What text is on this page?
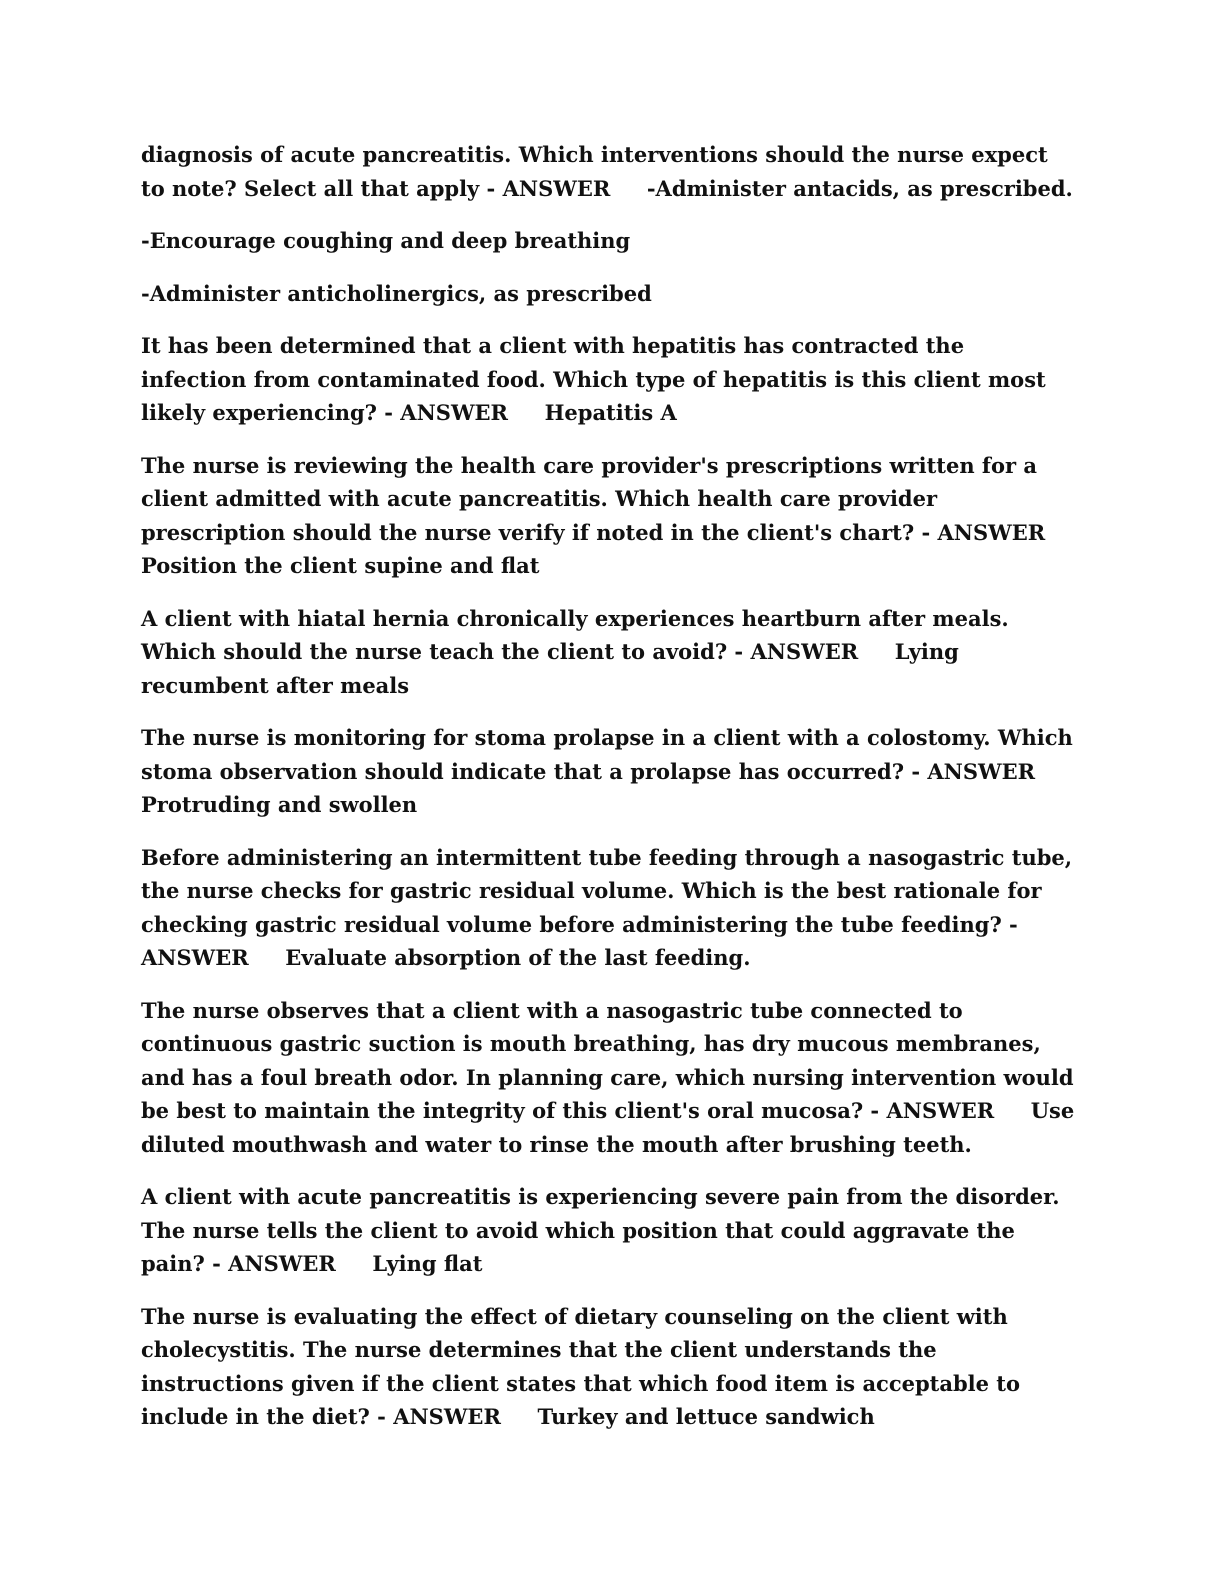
diagnosis of acute pancreatitis. Which interventions should the nurse expect to note? Select all that apply - ANSWER     -Administer antacids, as prescribed.

-Encourage coughing and deep breathing

-Administer anticholinergics, as prescribed

It has been determined that a client with hepatitis has contracted the infection from contaminated food. Which type of hepatitis is this client most likely experiencing? - ANSWER     Hepatitis A

The nurse is reviewing the health care provider's prescriptions written for a client admitted with acute pancreatitis. Which health care provider prescription should the nurse verify if noted in the client's chart? - ANSWER     Position the client supine and flat

A client with hiatal hernia chronically experiences heartburn after meals. Which should the nurse teach the client to avoid? - ANSWER     Lying recumbent after meals

The nurse is monitoring for stoma prolapse in a client with a colostomy. Which stoma observation should indicate that a prolapse has occurred? - ANSWER     Protruding and swollen

Before administering an intermittent tube feeding through a nasogastric tube, the nurse checks for gastric residual volume. Which is the best rationale for checking gastric residual volume before administering the tube feeding? - ANSWER     Evaluate absorption of the last feeding.

The nurse observes that a client with a nasogastric tube connected to continuous gastric suction is mouth breathing, has dry mucous membranes, and has a foul breath odor. In planning care, which nursing intervention would be best to maintain the integrity of this client's oral mucosa? - ANSWER     Use diluted mouthwash and water to rinse the mouth after brushing teeth.

A client with acute pancreatitis is experiencing severe pain from the disorder. The nurse tells the client to avoid which position that could aggravate the pain? - ANSWER     Lying flat

The nurse is evaluating the effect of dietary counseling on the client with cholecystitis. The nurse determines that the client understands the instructions given if the client states that which food item is acceptable to include in the diet? - ANSWER     Turkey and lettuce sandwich
